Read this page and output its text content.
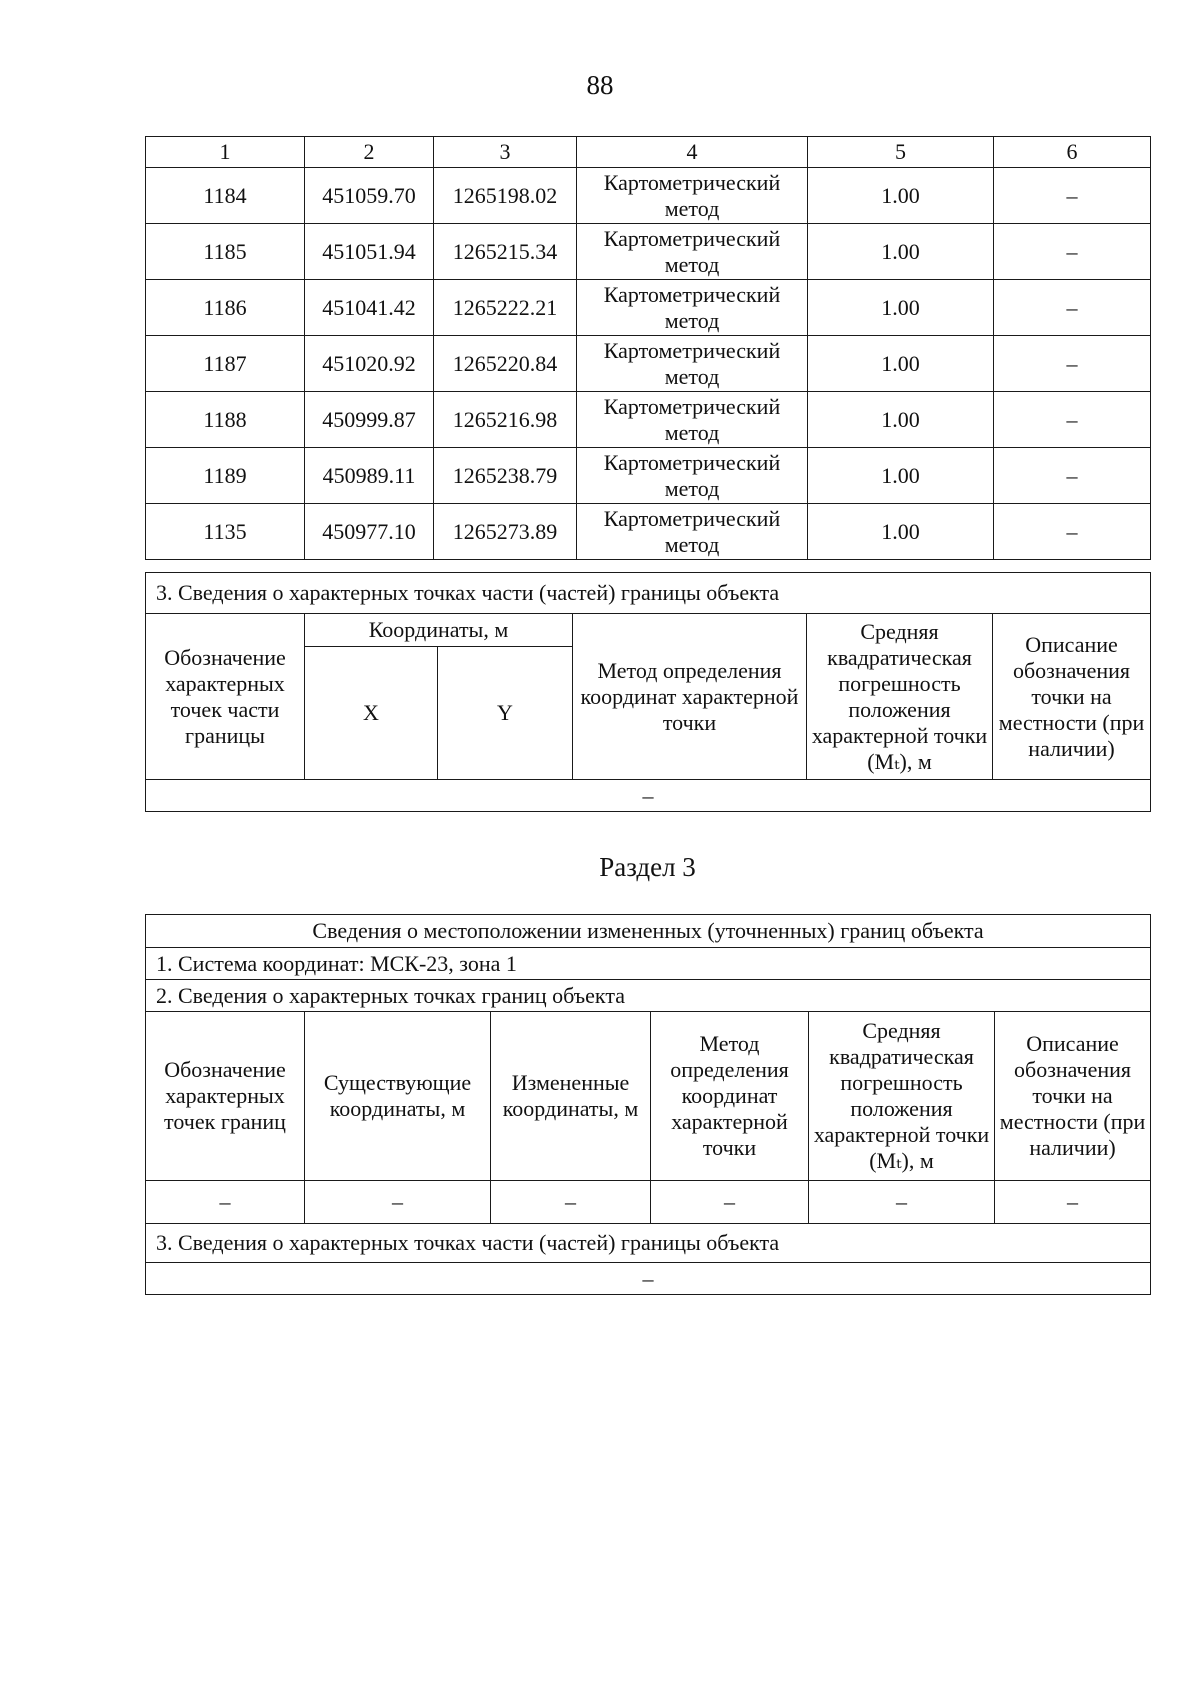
88
1	2	3	4	5	6
1184	451059.70	1265198.02	Картометрический метод	1.00	–
1185	451051.94	1265215.34	Картометрический метод	1.00	–
1186	451041.42	1265222.21	Картометрический метод	1.00	–
1187	451020.92	1265220.84	Картометрический метод	1.00	–
1188	450999.87	1265216.98	Картометрический метод	1.00	–
1189	450989.11	1265238.79	Картометрический метод	1.00	–
1135	450977.10	1265273.89	Картометрический метод	1.00	–
3. Сведения о характерных точках части (частей) границы объекта					
Обозначение характерных точек части границы	Координаты, м		Метод определения координат характерной точки	Средняя квадратическая погрешность положения характерной точки (Mₜ), м	Описание обозначения точки на местности (при наличии)
	X	Y			
–					
Раздел 3
Сведения о местоположении измененных (уточненных) границ объекта					
1. Система координат: МСК-23, зона 1					
2. Сведения о характерных точках границ объекта					
Обозначение характерных точек границ	Существующие координаты, м	Измененные координаты, м	Метод определения координат характерной точки	Средняя квадратическая погрешность положения характерной точки (Mₜ), м	Описание обозначения точки на местности (при наличии)
–	–	–	–	–	–
3. Сведения о характерных точках части (частей) границы объекта					
–					
